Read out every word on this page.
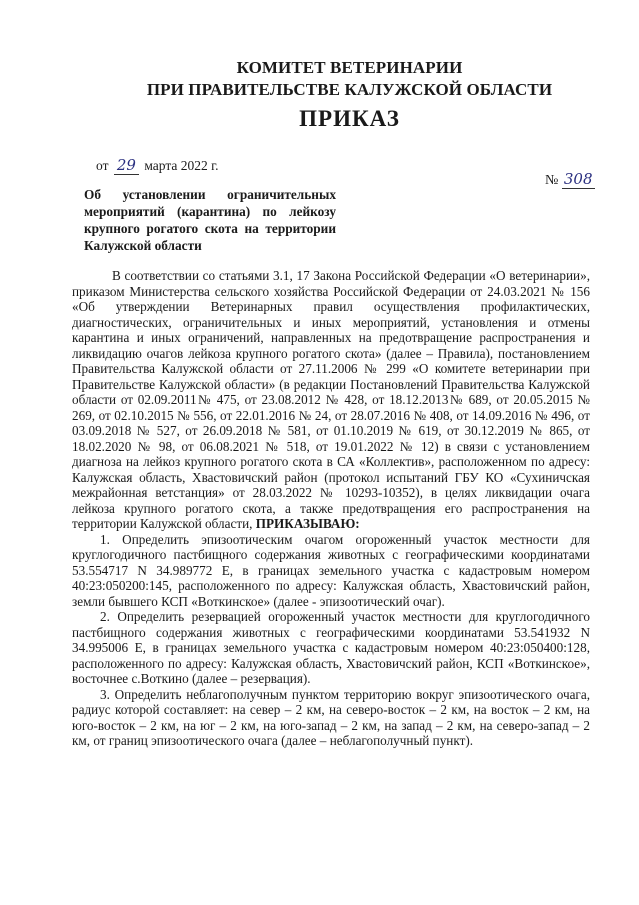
КОМИТЕТ ВЕТЕРИНАРИИ
ПРИ ПРАВИТЕЛЬСТВЕ КАЛУЖСКОЙ ОБЛАСТИ
ПРИКАЗ
от 29 марта 2022 г.
№ 308
Об установлении ограничительных мероприятий (карантина) по лейкозу крупного рогатого скота на территории Калужской области

В соответствии со статьями 3.1, 17 Закона Российской Федерации «О ветеринарии», приказом Министерства сельского хозяйства Российской Федерации от 24.03.2021 № 156 «Об утверждении Ветеринарных правил осуществления профилактических, диагностических, ограничительных и иных мероприятий, установления и отмены карантина и иных ограничений, направленных на предотвращение распространения и ликвидацию очагов лейкоза крупного рогатого скота» (далее – Правила), постановлением Правительства Калужской области от 27.11.2006 № 299 «О комитете ветеринарии при Правительстве Калужской области» (в редакции Постановлений Правительства Калужской области от 02.09.2011№ 475, от 23.08.2012 № 428, от 18.12.2013№ 689, от 20.05.2015 № 269, от 02.10.2015 № 556, от 22.01.2016 № 24, от 28.07.2016 № 408, от 14.09.2016 № 496, от 03.09.2018 № 527, от 26.09.2018 № 581, от 01.10.2019 № 619, от 30.12.2019 № 865, от 18.02.2020 № 98, от 06.08.2021 № 518, от 19.01.2022 № 12) в связи с установлением диагноза на лейкоз крупного рогатого скота в СА «Коллектив», расположенном по адресу: Калужская область, Хвастовичский район (протокол испытаний ГБУ КО «Сухиничская межрайонная ветстанция» от 28.03.2022 № 10293-10352), в целях ликвидации очага лейкоза крупного рогатого скота, а также предотвращения его распространения на территории Калужской области, ПРИКАЗЫВАЮ:

1. Определить эпизоотическим очагом огороженный участок местности для круглогодичного пастбищного содержания животных с географическими координатами 53.554717 N 34.989772 E, в границах земельного участка с кадастровым номером 40:23:050200:145, расположенного по адресу: Калужская область, Хвастовичский район, земли бывшего КСП «Воткинское» (далее - эпизоотический очаг).

2. Определить резервацией огороженный участок местности для круглогодичного пастбищного содержания животных с географическими координатами 53.541932 N 34.995006 E, в границах земельного участка с кадастровым номером 40:23:050400:128, расположенного по адресу: Калужская область, Хвастовичский район, КСП «Воткинское», восточнее с.Воткино (далее – резервация).

3. Определить неблагополучным пунктом территорию вокруг эпизоотического очага, радиус которой составляет: на север – 2 км, на северо-восток – 2 км, на восток – 2 км, на юго-восток – 2 км, на юг – 2 км, на юго-запад – 2 км, на запад – 2 км, на северо-запад – 2 км, от границ эпизоотического очага (далее – неблагополучный пункт).
